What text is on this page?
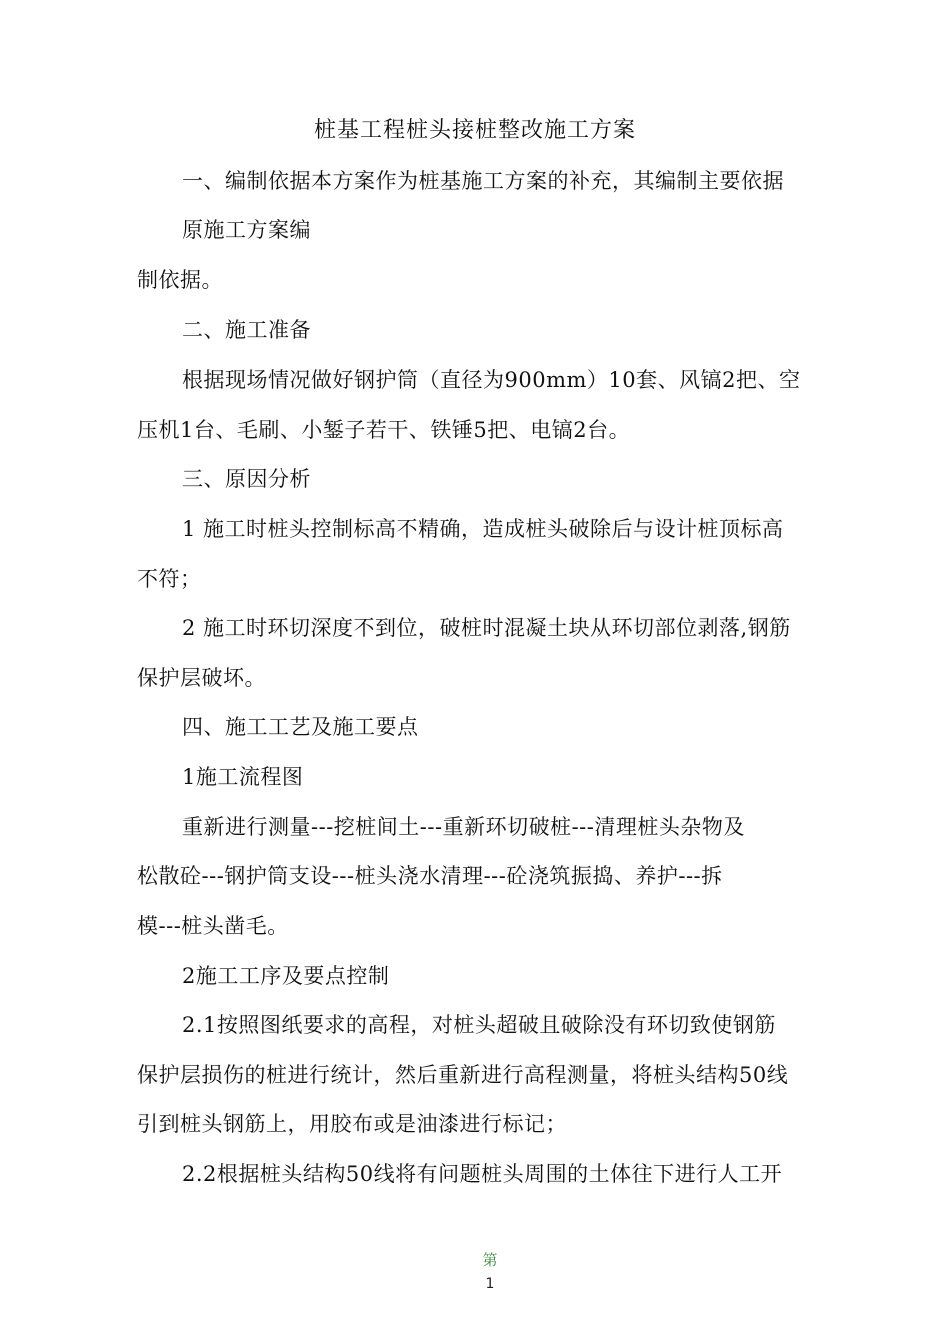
桩基工程桩头接桩整改施工方案
一、编制依据本方案作为桩基施工方案的补充，其编制主要依据
原施工方案编
制依据。
二、施工准备
根据现场情况做好钢护筒（直径为900mm）10套、风镐2把、空
压机1台、毛刷、小錾子若干、铁锤5把、电镐2台。
三、原因分析
1 施工时桩头控制标高不精确，造成桩头破除后与设计桩顶标高
不符；
2 施工时环切深度不到位，破桩时混凝土块从环切部位剥落,钢筋
保护层破坏。
四、施工工艺及施工要点
1施工流程图
重新进行测量---挖桩间土---重新环切破桩---清理桩头杂物及
松散砼---钢护筒支设---桩头浇水清理---砼浇筑振捣、养护---拆
模---桩头凿毛。
2施工工序及要点控制
2.1按照图纸要求的高程，对桩头超破且破除没有环切致使钢筋
保护层损伤的桩进行统计，然后重新进行高程测量，将桩头结构50线
引到桩头钢筋上，用胶布或是油漆进行标记；
2.2根据桩头结构50线将有问题桩头周围的土体往下进行人工开
第
1
